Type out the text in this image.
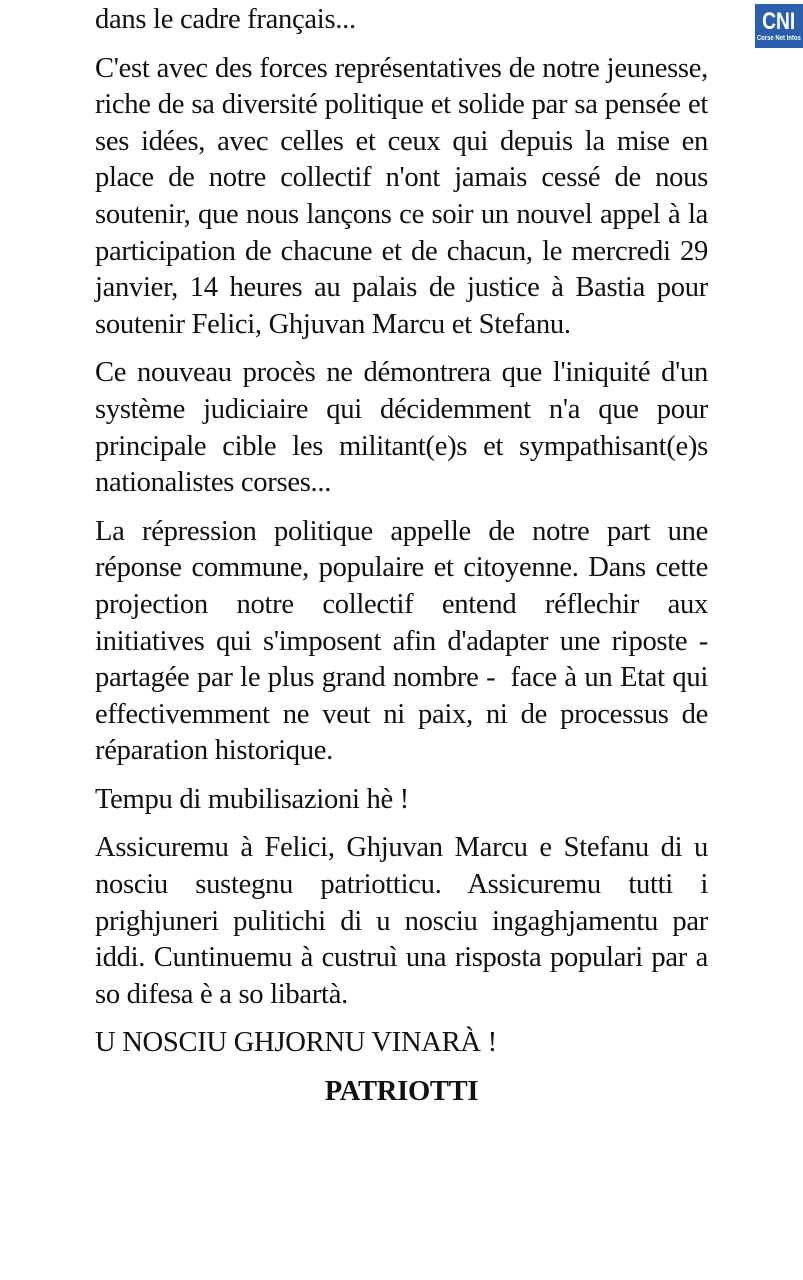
CNI
Corse Net Infos

dans le cadre français...

C'est avec des forces représentatives de notre jeunesse, riche de sa diversité politique et solide par sa pensée et ses idées, avec celles et ceux qui depuis la mise en place de notre collectif n'ont jamais cessé de nous soutenir, que nous lançons ce soir un nouvel appel à la participation de chacune et de chacun, le mercredi 29 janvier, 14 heures au palais de justice à Bastia pour soutenir Felici, Ghjuvan Marcu et Stefanu.

Ce nouveau procès ne démontrera que l'iniquité d'un système judiciaire qui décidemment n'a que pour principale cible les militant(e)s et sympathisant(e)s nationalistes corses...

La répression politique appelle de notre part une réponse commune, populaire et citoyenne. Dans cette projection notre collectif entend réflechir aux initiatives qui s'imposent afin d'adapter une riposte - partagée par le plus grand nombre -  face à un Etat qui effectivemment ne veut ni paix, ni de processus de réparation historique.

Tempu di mubilisazioni hè !

Assicuremu à Felici, Ghjuvan Marcu e Stefanu di u nosciu sustegnu patriotticu. Assicuremu tutti i prighjuneri pulitichi di u nosciu ingaghjamentu par iddi. Cuntinuemu à custruì una risposta populari par a so difesa è a so libartà.

U NOSCIU GHJORNU VINARÀ !

PATRIOTTI
